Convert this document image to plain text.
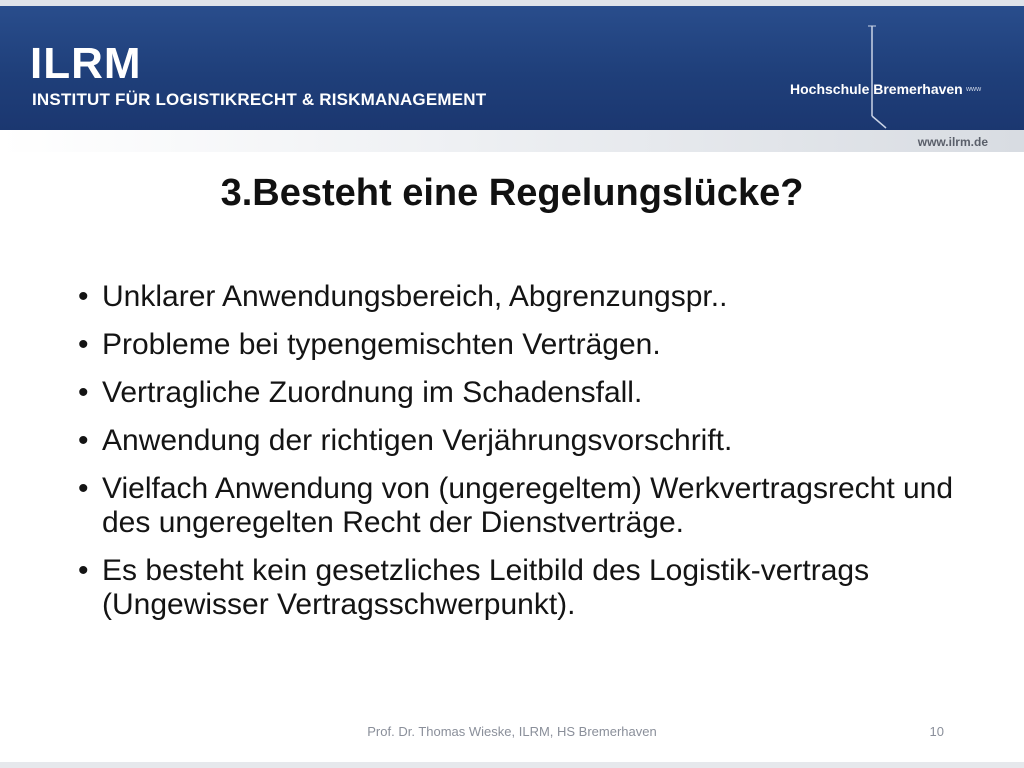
ILRM
INSTITUT FÜR LOGISTIKRECHT & RISKMANAGEMENT
Hochschule Bremerhaven www
www.ilrm.de
3.Besteht eine Regelungslücke?
• Unklarer Anwendungsbereich, Abgrenzungspr..
• Probleme bei typengemischten Verträgen.
• Vertragliche Zuordnung im Schadensfall.
• Anwendung der richtigen Verjährungsvorschrift.
• Vielfach Anwendung von (ungeregeltem) Werkvertragsrecht und des ungeregelten Recht der Dienstverträge.
• Es besteht kein gesetzliches Leitbild des Logistik-vertrags (Ungewisser Vertragsschwerpunkt).
Prof. Dr. Thomas Wieske, ILRM, HS Bremerhaven	10
